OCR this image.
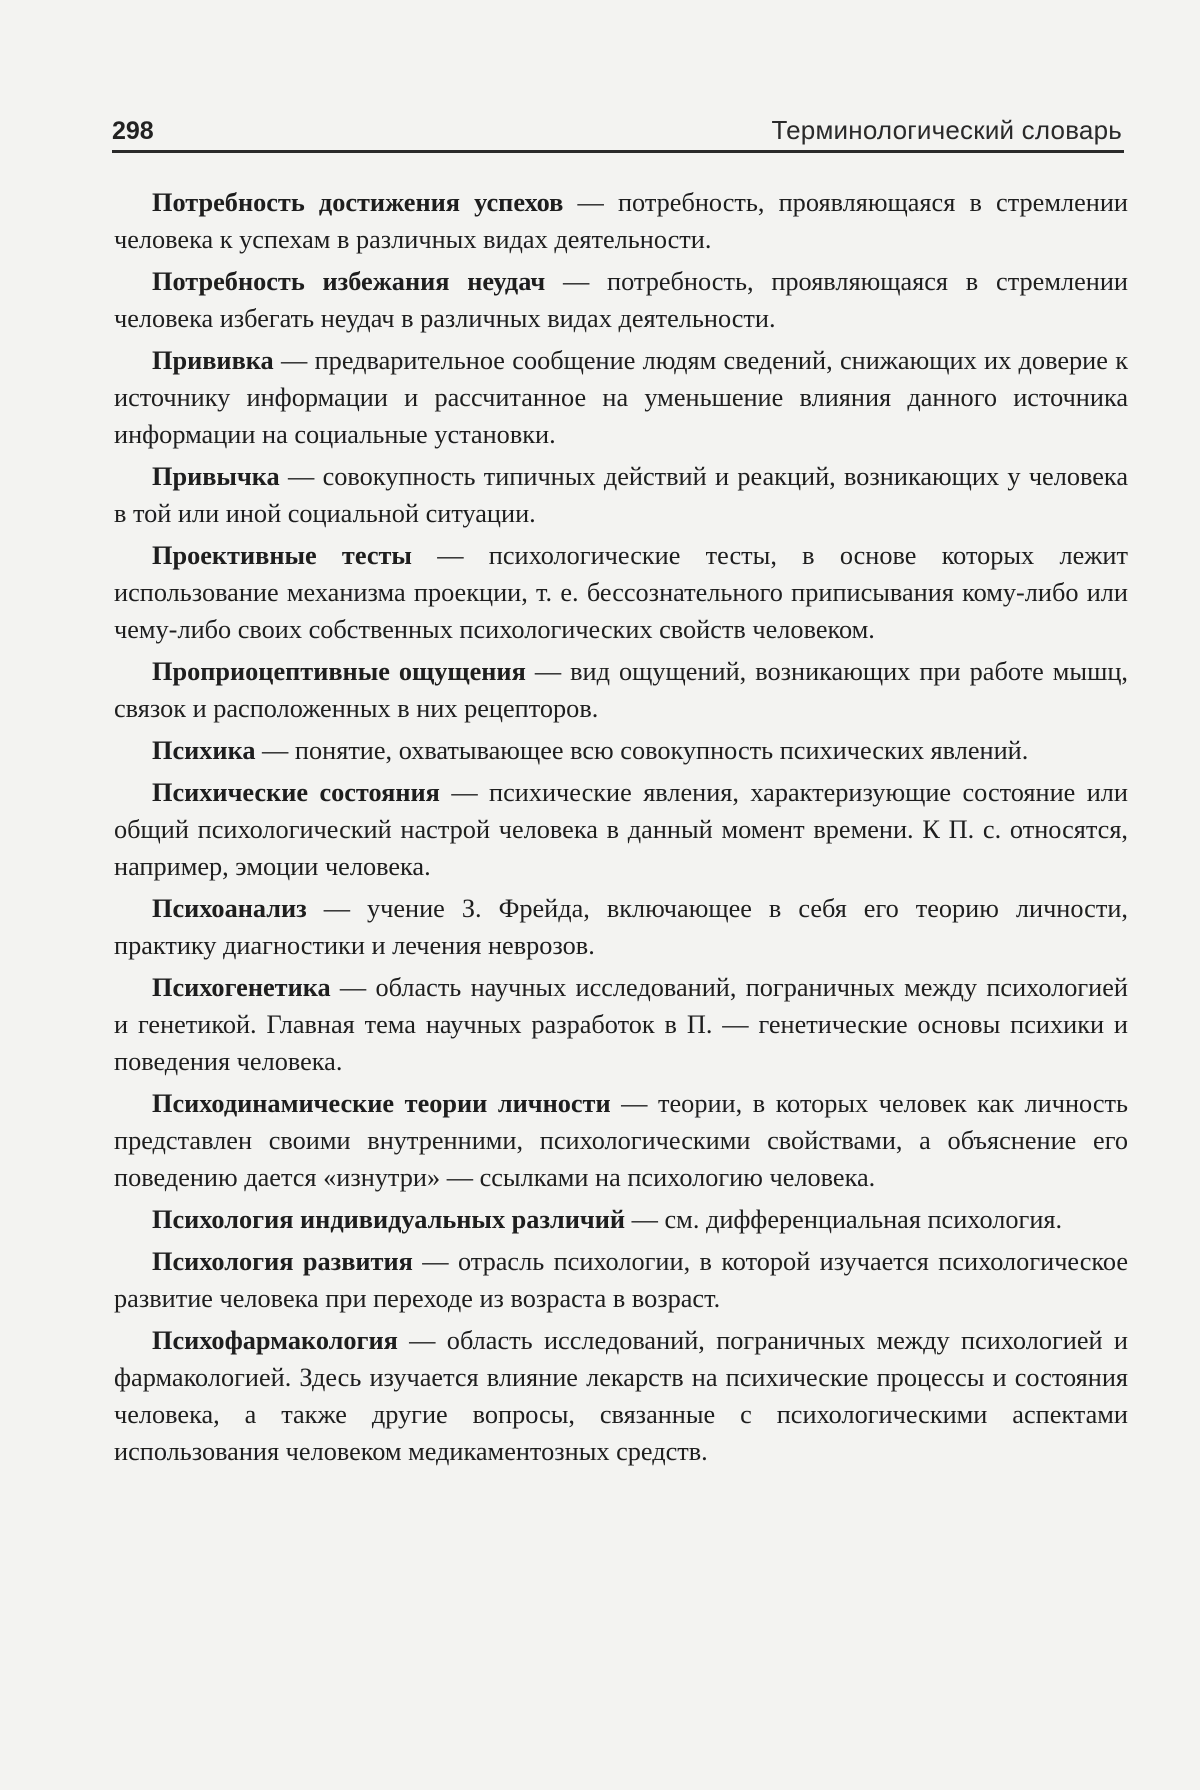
298	Терминологический словарь

Потребность достижения успехов — потребность, проявляющаяся в стремлении человека к успехам в различных видах деятельности.

Потребность избежания неудач — потребность, проявляющаяся в стремлении человека избегать неудач в различных видах деятельности.

Прививка — предварительное сообщение людям сведений, снижающих их доверие к источнику информации и рассчитанное на уменьшение влияния данного источника информации на социальные установки.

Привычка — совокупность типичных действий и реакций, возникающих у человека в той или иной социальной ситуации.

Проективные тесты — психологические тесты, в основе которых лежит использование механизма проекции, т. е. бессознательного приписывания кому-либо или чему-либо своих собственных психологических свойств человеком.

Проприоцептивные ощущения — вид ощущений, возникающих при работе мышц, связок и расположенных в них рецепторов.

Психика — понятие, охватывающее всю совокупность психических явлений.

Психические состояния — психические явления, характеризующие состояние или общий психологический настрой человека в данный момент времени. К П. с. относятся, например, эмоции человека.

Психоанализ — учение З. Фрейда, включающее в себя его теорию личности, практику диагностики и лечения неврозов.

Психогенетика — область научных исследований, пограничных между психологией и генетикой. Главная тема научных разработок в П. — генетические основы психики и поведения человека.

Психодинамические теории личности — теории, в которых человек как личность представлен своими внутренними, психологическими свойствами, а объяснение его поведению дается «изнутри» — ссылками на психологию человека.

Психология индивидуальных различий — см. дифференциальная психология.

Психология развития — отрасль психологии, в которой изучается психологическое развитие человека при переходе из возраста в возраст.

Психофармакология — область исследований, пограничных между психологией и фармакологией. Здесь изучается влияние лекарств на психические процессы и состояния человека, а также другие вопросы, связанные с психологическими аспектами использования человеком медикаментозных средств.
